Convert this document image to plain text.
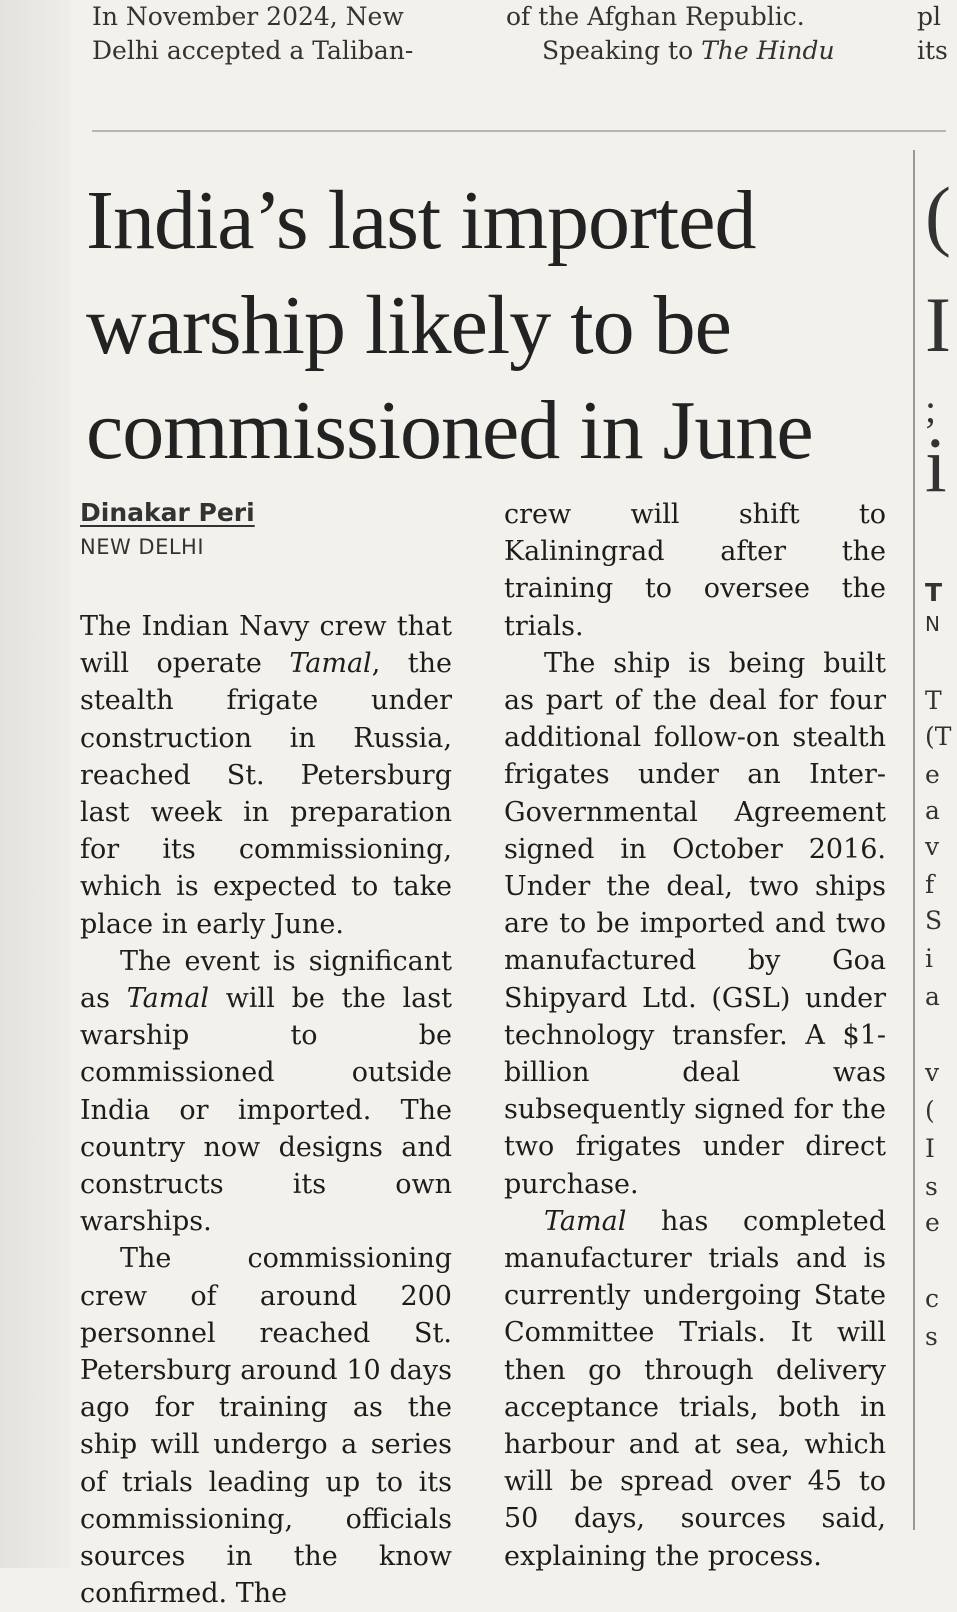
In November 2024, New
Delhi accepted a Taliban-
of the Afghan Republic.
Speaking to The Hindu
pl
its
India’s last imported
warship likely to be
commissioned in June
Dinakar Peri
NEW DELHI

The Indian Navy crew that will operate Tamal, the stealth frigate under construction in Russia, reached St. Petersburg last week in preparation for its commissioning, which is expected to take place in early June.

The event is significant as Tamal will be the last warship to be commissioned outside India or imported. The country now designs and constructs its own warships.

The commissioning crew of around 200 personnel reached St. Petersburg around 10 days ago for training as the ship will undergo a series of trials leading up to its commissioning, officials sources in the know confirmed. The

crew will shift to Kaliningrad after the training to oversee the trials.

The ship is being built as part of the deal for four additional follow-on stealth frigates under an Inter-Governmental Agreement signed in October 2016. Under the deal, two ships are to be imported and two manufactured by Goa Shipyard Ltd. (GSL) under technology transfer. A $1-billion deal was subsequently signed for the two frigates under direct purchase.

Tamal has completed manufacturer trials and is currently undergoing State Committee Trials. It will then go through delivery acceptance trials, both in harbour and at sea, which will be spread over 45 to 50 days, sources said, explaining the process.

(
I
;
i
T
N
T
(T
e
a
v
f
S
i
a
v
(
I
s
e
c
s
